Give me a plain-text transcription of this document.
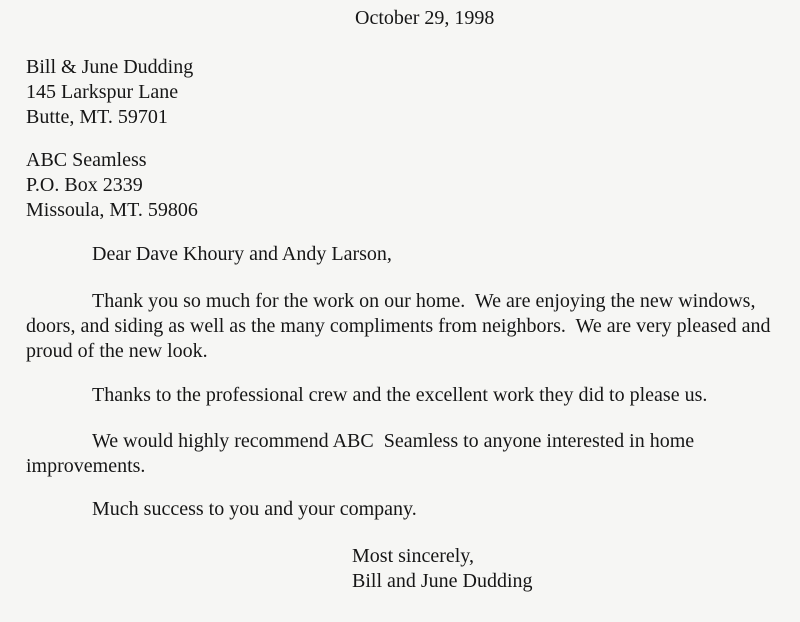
October 29, 1998
Bill & June Dudding
145 Larkspur Lane
Butte, MT. 59701
ABC Seamless
P.O. Box 2339
Missoula, MT. 59806
Dear Dave Khoury and Andy Larson,
Thank you so much for the work on our home.  We are enjoying the new windows, doors, and siding as well as the many compliments from neighbors.  We are very pleased and proud of the new look.
Thanks to the professional crew and the excellent work they did to please us.
We would highly recommend ABC  Seamless to anyone interested in home improvements.
Much success to you and your company.
Most sincerely,
Bill and June Dudding
